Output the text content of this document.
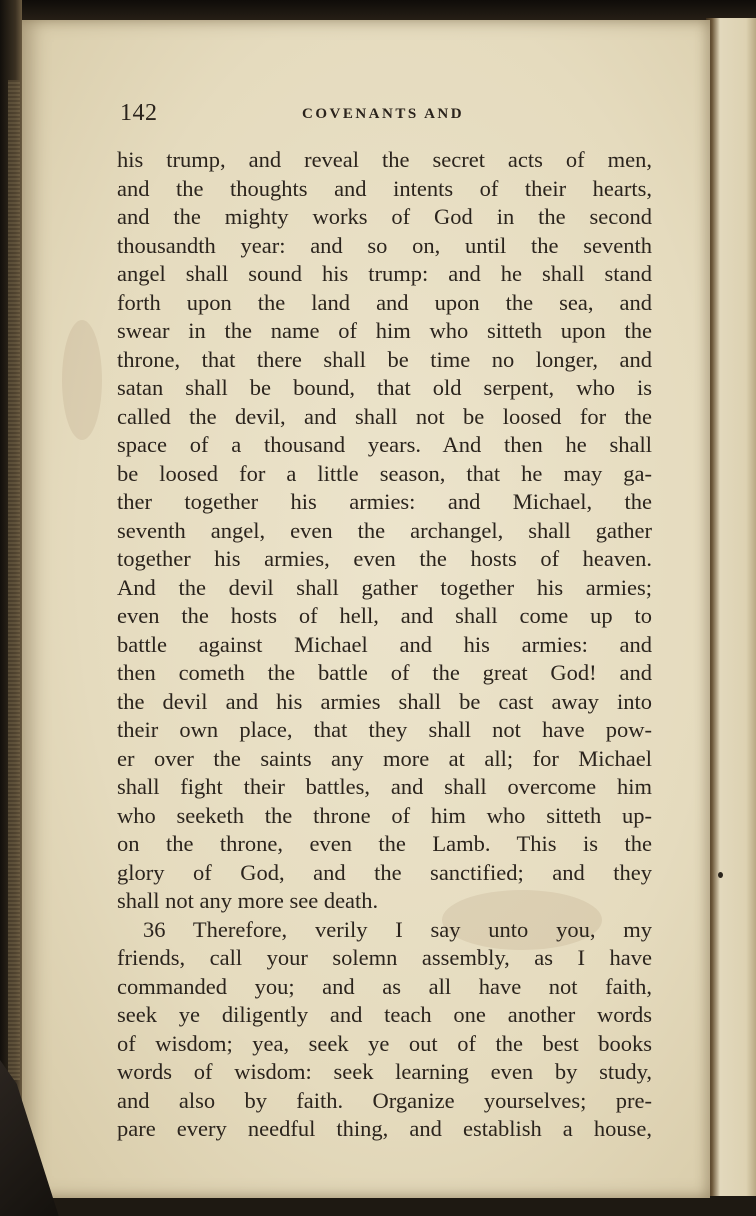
142	COVENANTS AND
his trump, and reveal the secret acts of men,
and the thoughts and intents of their hearts,
and the mighty works of God in the second
thousandth year: and so on, until the seventh
angel shall sound his trump: and he shall stand
forth upon the land and upon the sea, and
swear in the name of him who sitteth upon the
throne, that there shall be time no longer, and
satan shall be bound, that old serpent, who is
called the devil, and shall not be loosed for the
space of a thousand years. And then he shall
be loosed for a little season, that he may ga-
ther together his armies: and Michael, the
seventh angel, even the archangel, shall gather
together his armies, even the hosts of heaven.
And the devil shall gather together his armies;
even the hosts of hell, and shall come up to
battle against Michael and his armies: and
then cometh the battle of the great God! and
the devil and his armies shall be cast away into
their own place, that they shall not have pow-
er over the saints any more at all; for Michael
shall fight their battles, and shall overcome him
who seeketh the throne of him who sitteth up-
on the throne, even the Lamb. This is the
glory of God, and the sanctified; and they
shall not any more see death.
36 Therefore, verily I say unto you, my
friends, call your solemn assembly, as I have
commanded you; and as all have not faith,
seek ye diligently and teach one another words
of wisdom; yea, seek ye out of the best books
words of wisdom: seek learning even by study,
and also by faith. Organize yourselves; pre-
pare every needful thing, and establish a house,
